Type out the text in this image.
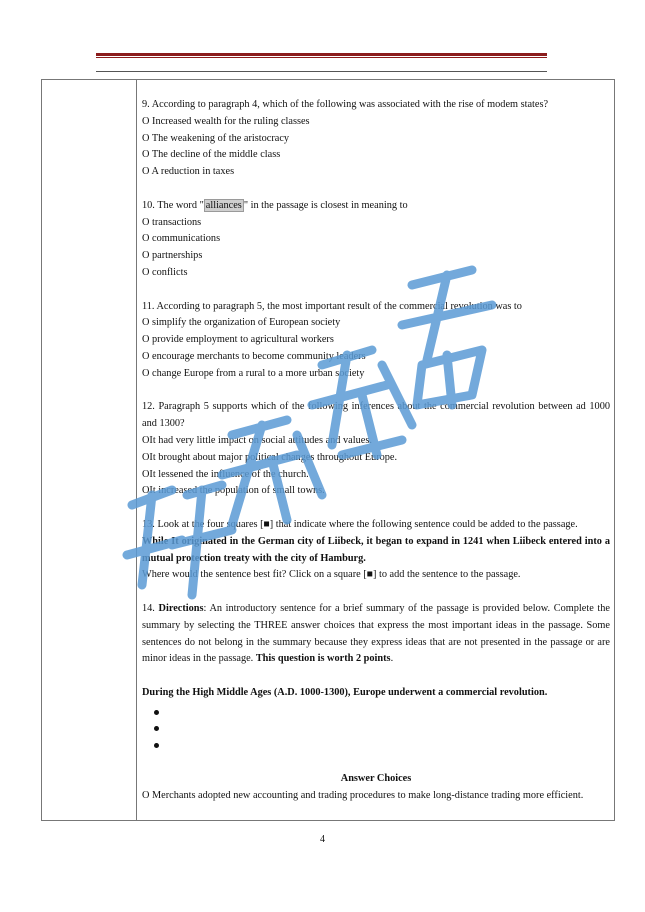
9. According to paragraph 4, which of the following was associated with the rise of modem states?

O Increased wealth for the ruling classes

O The weakening of the aristocracy

O The decline of the middle class

O A reduction in taxes

10. The word " alliances " in the passage is closest in meaning to

O transactions

O communications

O partnerships

O conflicts

11. According to paragraph 5, the most important result of the commercial revolution was to

O simplify the organization of European society

O provide employment to agricultural workers

O encourage merchants to become community leaders

O change Europe from a rural to a more urban society

12. Paragraph 5 supports which of the following inferences about the commercial revolution between ad 1000 and 1300?

OIt had very little impact on social attitudes and values.

OIt brought about major political changes throughout Europe.

OIt lessened the influence of the church.

OIt increased the population of small towns.

13. Look at the four squares [■] that indicate where the following sentence could be added to the passage.

While It originated in the German city of Liibeck, it began to expand in 1241 when Liibeck entered into a mutual protection treaty with the city of Hamburg.

Where would the sentence best fit? Click on a square [■] to add the sentence to the passage.

14. Directions: An introductory sentence for a brief summary of the passage is provided below. Complete the summary by selecting the THREE answer choices that express the most important ideas in the passage. Some sentences do not belong in the summary because they express ideas that are not presented in the passage or are minor ideas in the passage. This question is worth 2 points.

During the High Middle Ages (A.D. 1000-1300), Europe underwent a commercial revolution.

Answer Choices

O Merchants adopted new accounting and trading procedures to make long-distance trading more efficient.

4
